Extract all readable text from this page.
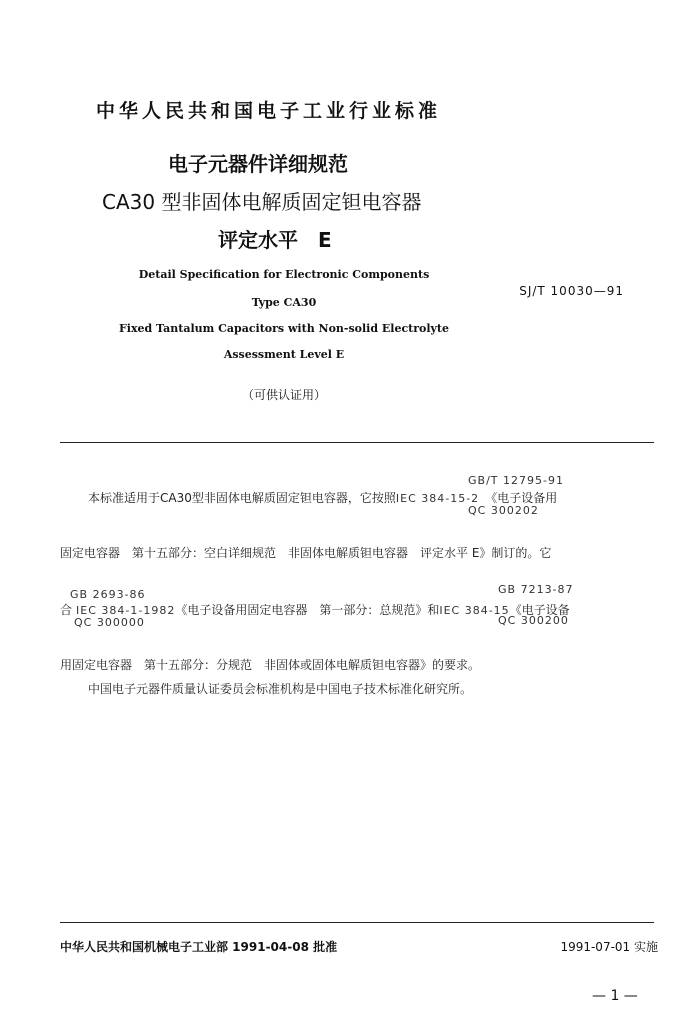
中华人民共和国电子工业行业标准
电子元器件详细规范
CA30 型非固体电解质固定钽电容器
评定水平　E
Detail Specification for Electronic Components
Type CA30
Fixed Tantalum Capacitors with Non-solid Electrolyte
Assessment Level E
SJ/T 10030—91
（可供认证用）
GB/T 12795-91
本标准适用于CA30型非固体电解质固定钽电容器，它按照IEC 384-15-2 《电子设备用
QC 300202
固定电容器　第十五部分：空白详细规范　非固体电解质钽电容器　评定水平 E》制订的。它
GB 2693-86	GB 7213-87
合 IEC 384-1-1982《电子设备用固定电容器　第一部分：总规范》和IEC 384-15《电子设备
QC 300000	QC 300200
用固定电容器　第十五部分：分规范　非固体或固体电解质钽电容器》的要求。
中国电子元器件质量认证委员会标准机构是中国电子技术标准化研究所。
中华人民共和国机械电子工业部 1991-04-08 批准	1991-07-01 实施
— 1 —
